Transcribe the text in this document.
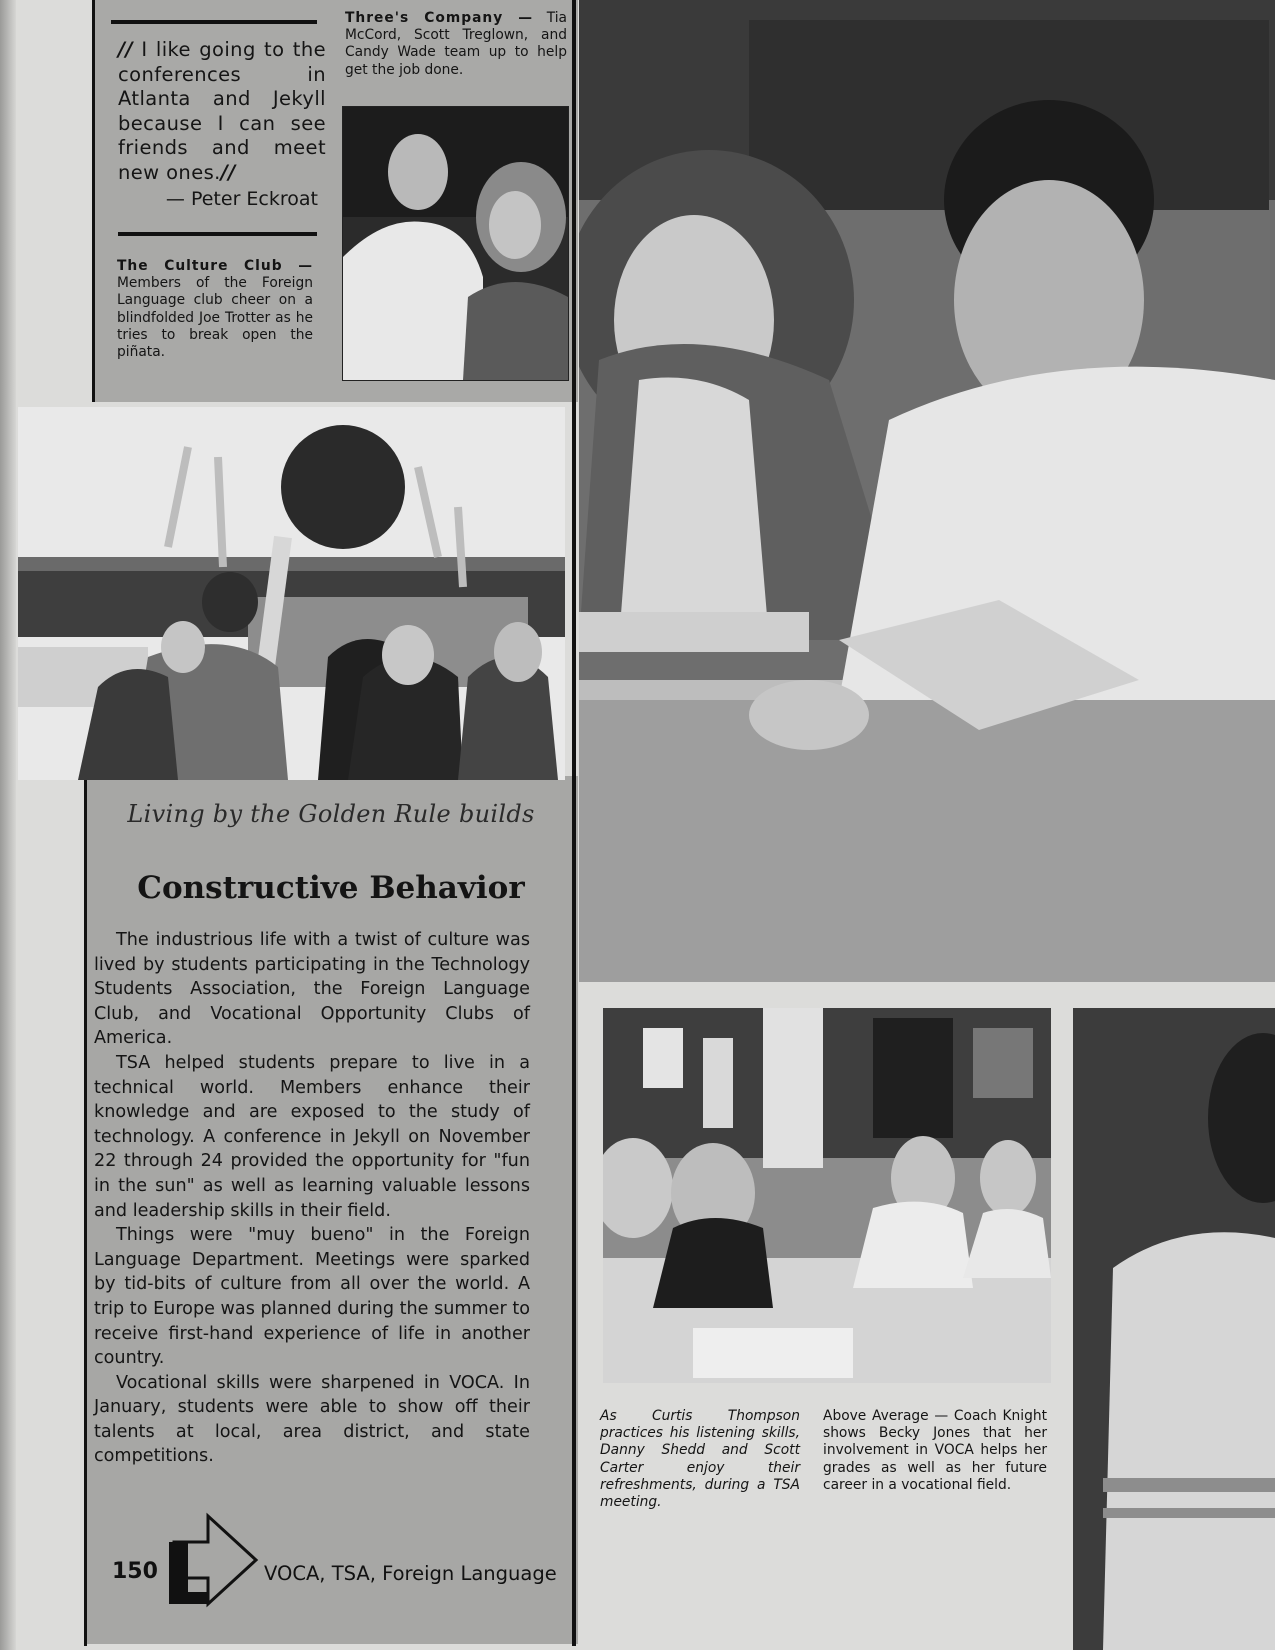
// I like going to the conferences in Atlanta and Jekyll because I can see friends and meet new ones.//
— Peter Eckroat
Three's Company — Tia McCord, Scott Treglown, and Candy Wade team up to help get the job done.
The Culture Club — Members of the Foreign Language club cheer on a blindfolded Joe Trotter as he tries to break open the piñata.
As Curtis Thompson practices his listening skills, Danny Shedd and Scott Carter enjoy their refreshments, during a TSA meeting.
Above Average — Coach Knight shows Becky Jones that her involvement in VOCA helps her grades as well as her future career in a vocational field.
Living by the Golden Rule builds
Constructive Behavior

The industrious life with a twist of culture was lived by students participating in the Technology Students Association, the Foreign Language Club, and Vocational Opportunity Clubs of America.

TSA helped students prepare to live in a technical world. Members enhance their knowledge and are exposed to the study of technology. A conference in Jekyll on November 22 through 24 provided the opportunity for "fun in the sun" as well as learning valuable lessons and leadership skills in their field.

Things were "muy bueno" in the Foreign Language Department. Meetings were sparked by tid-bits of culture from all over the world. A trip to Europe was planned during the summer to receive first-hand experience of life in another country.

Vocational skills were sharpened in VOCA. In January, students were able to show off their talents at local, area district, and state competitions.

150	VOCA, TSA, Foreign Language
